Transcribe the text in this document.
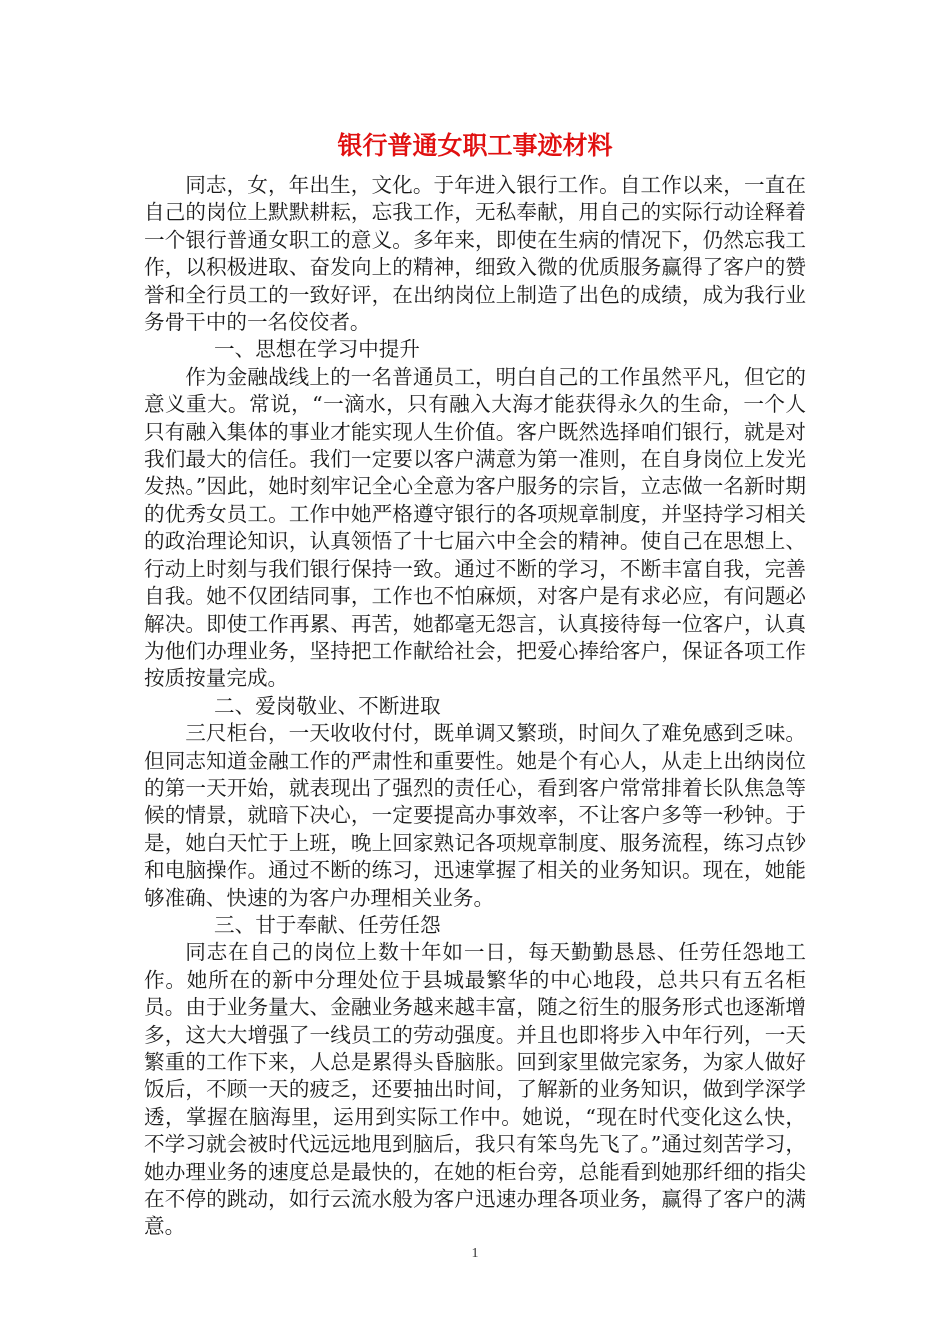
银行普通女职工事迹材料

同志，女，年出生，文化。于年进入银行工作。自工作以来，一直在自己的岗位上默默耕耘，忘我工作，无私奉献，用自己的实际行动诠释着一个银行普通女职工的意义。多年来，即使在生病的情况下，仍然忘我工作，以积极进取、奋发向上的精神，细致入微的优质服务赢得了客户的赞誉和全行员工的一致好评，在出纳岗位上制造了出色的成绩，成为我行业务骨干中的一名佼佼者。

一、思想在学习中提升

作为金融战线上的一名普通员工，明白自己的工作虽然平凡，但它的意义重大。常说，“一滴水，只有融入大海才能获得永久的生命，一个人只有融入集体的事业才能实现人生价值。客户既然选择咱们银行，就是对我们最大的信任。我们一定要以客户满意为第一准则，在自身岗位上发光发热。”因此，她时刻牢记全心全意为客户服务的宗旨，立志做一名新时期的优秀女员工。工作中她严格遵守银行的各项规章制度，并坚持学习相关的政治理论知识，认真领悟了十七届六中全会的精神。使自己在思想上、行动上时刻与我们银行保持一致。通过不断的学习，不断丰富自我，完善自我。她不仅团结同事，工作也不怕麻烦，对客户是有求必应，有问题必解决。即使工作再累、再苦，她都毫无怨言，认真接待每一位客户，认真为他们办理业务，坚持把工作献给社会，把爱心捧给客户，保证各项工作按质按量完成。

二、爱岗敬业、不断进取

三尺柜台，一天收收付付，既单调又繁琐，时间久了难免感到乏味。但同志知道金融工作的严肃性和重要性。她是个有心人，从走上出纳岗位的第一天开始，就表现出了强烈的责任心，看到客户常常排着长队焦急等候的情景，就暗下决心，一定要提高办事效率，不让客户多等一秒钟。于是，她白天忙于上班，晚上回家熟记各项规章制度、服务流程，练习点钞和电脑操作。通过不断的练习，迅速掌握了相关的业务知识。现在，她能够准确、快速的为客户办理相关业务。

三、甘于奉献、任劳任怨

同志在自己的岗位上数十年如一日，每天勤勤恳恳、任劳任怨地工作。她所在的新中分理处位于县城最繁华的中心地段，总共只有五名柜员。由于业务量大、金融业务越来越丰富，随之衍生的服务形式也逐渐增多，这大大增强了一线员工的劳动强度。并且也即将步入中年行列，一天繁重的工作下来，人总是累得头昏脑胀。回到家里做完家务，为家人做好饭后，不顾一天的疲乏，还要抽出时间，了解新的业务知识，做到学深学透，掌握在脑海里，运用到实际工作中。她说，“现在时代变化这么快，不学习就会被时代远远地甩到脑后，我只有笨鸟先飞了。”通过刻苦学习，她办理业务的速度总是最快的，在她的柜台旁，总能看到她那纤细的指尖在不停的跳动，如行云流水般为客户迅速办理各项业务，赢得了客户的满意。

1
